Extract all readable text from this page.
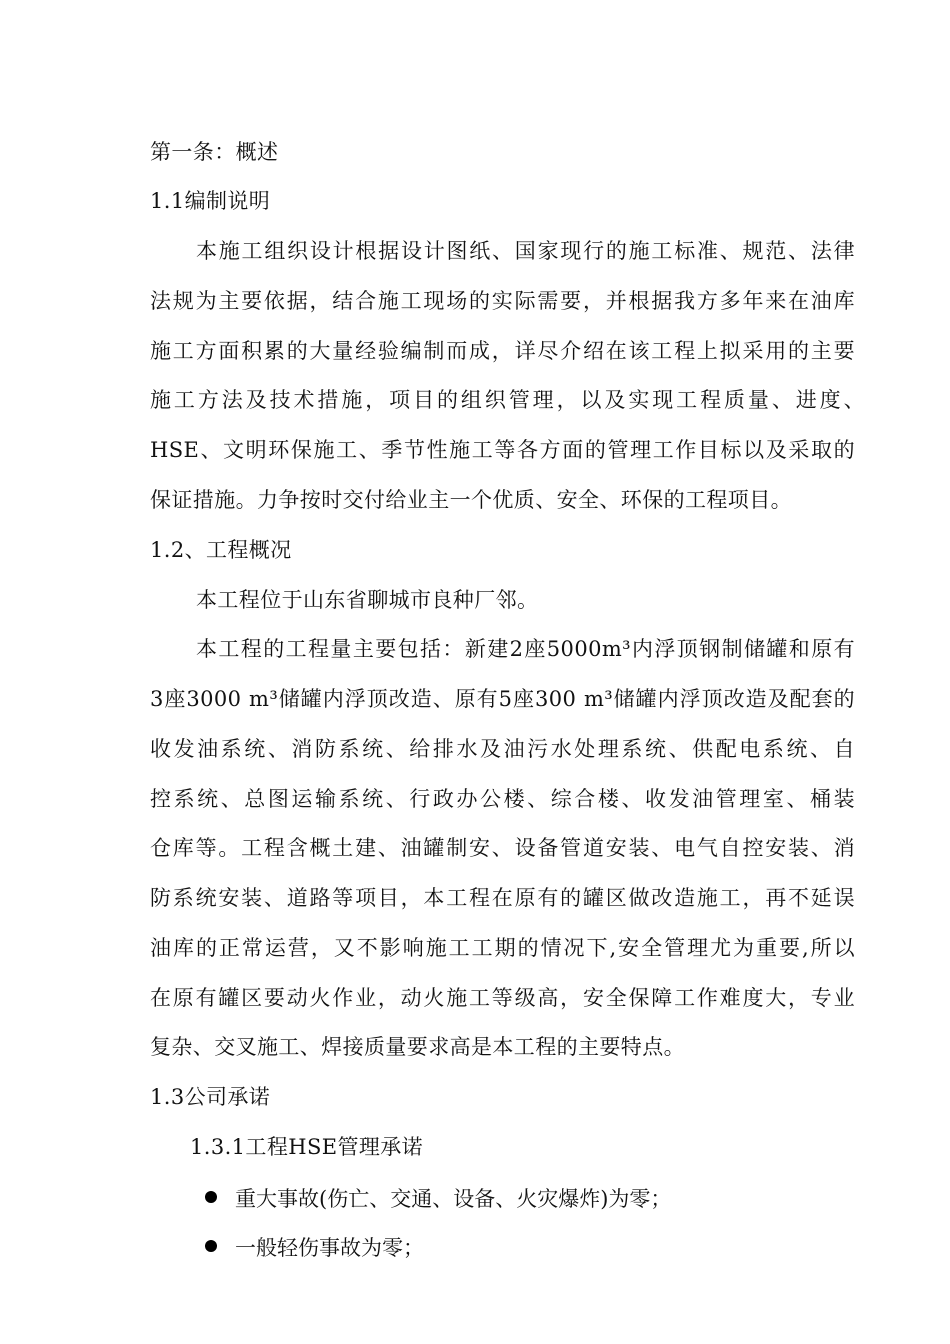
第一条：概述
1.1编制说明
本施工组织设计根据设计图纸、国家现行的施工标准、规范、法律
法规为主要依据，结合施工现场的实际需要，并根据我方多年来在油库
施工方面积累的大量经验编制而成，详尽介绍在该工程上拟采用的主要
施工方法及技术措施，项目的组织管理，以及实现工程质量、进度、
HSE、文明环保施工、季节性施工等各方面的管理工作目标以及采取的
保证措施。力争按时交付给业主一个优质、安全、环保的工程项目。
1.2、工程概况
本工程位于山东省聊城市良种厂邻。
本工程的工程量主要包括：新建2座5000m³内浮顶钢制储罐和原有
3座3000 m³储罐内浮顶改造、原有5座300 m³储罐内浮顶改造及配套的
收发油系统、消防系统、给排水及油污水处理系统、供配电系统、自
控系统、总图运输系统、行政办公楼、综合楼、收发油管理室、桶装
仓库等。工程含概土建、油罐制安、设备管道安装、电气自控安装、消
防系统安装、道路等项目，本工程在原有的罐区做改造施工，再不延误
油库的正常运营，又不影响施工工期的情况下,安全管理尤为重要,所以
在原有罐区要动火作业，动火施工等级高，安全保障工作难度大，专业
复杂、交叉施工、焊接质量要求高是本工程的主要特点。
1.3公司承诺
1.3.1工程HSE管理承诺
重大事故(伤亡、交通、设备、火灾爆炸)为零；
一般轻伤事故为零；
